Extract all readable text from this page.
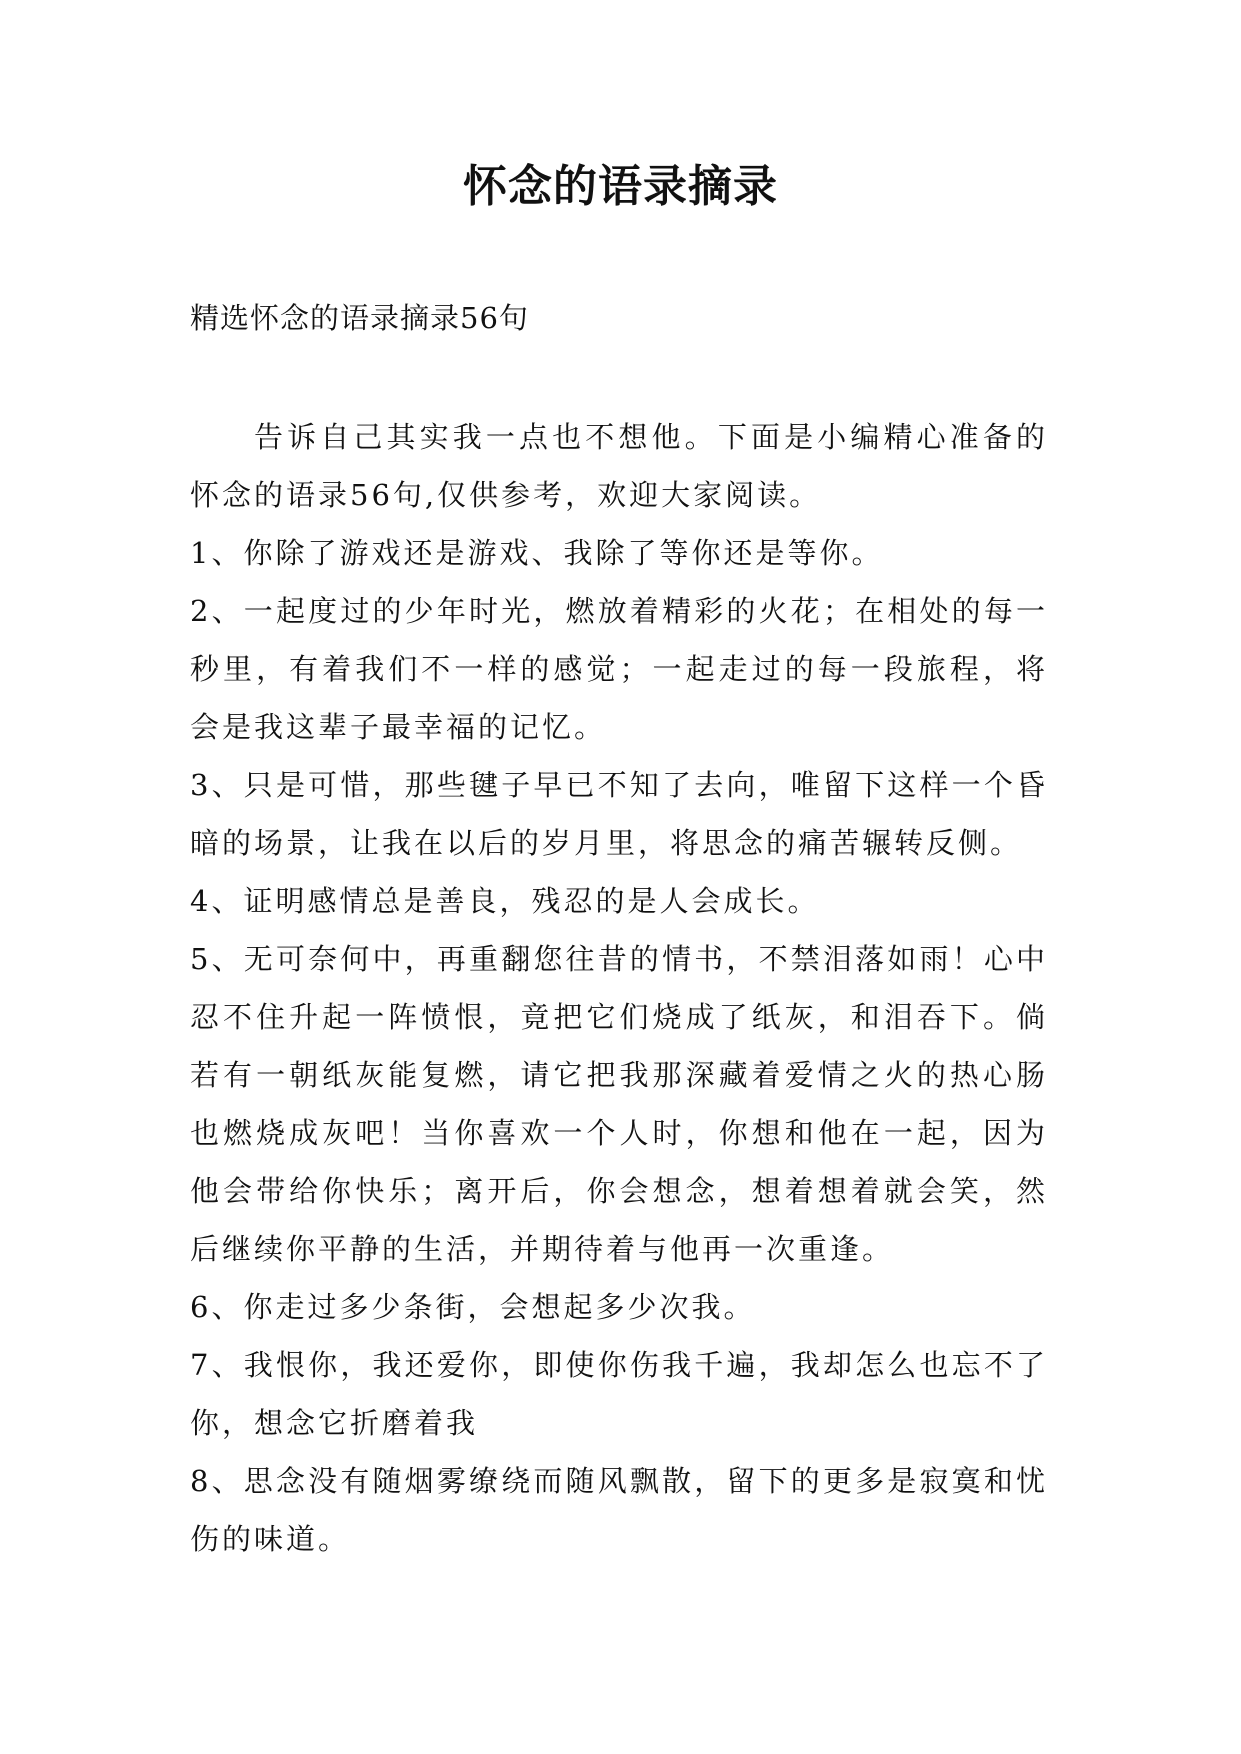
怀念的语录摘录

精选怀念的语录摘录56句

告诉自己其实我一点也不想他。下面是小编精心准备的怀念的语录56句,仅供参考，欢迎大家阅读。

1、你除了游戏还是游戏、我除了等你还是等你。

2、一起度过的少年时光，燃放着精彩的火花；在相处的每一秒里，有着我们不一样的感觉；一起走过的每一段旅程，将会是我这辈子最幸福的记忆。

3、只是可惜，那些毽子早已不知了去向，唯留下这样一个昏暗的场景，让我在以后的岁月里，将思念的痛苦辗转反侧。

4、证明感情总是善良，残忍的是人会成长。

5、无可奈何中，再重翻您往昔的情书，不禁泪落如雨！心中忍不住升起一阵愤恨，竟把它们烧成了纸灰，和泪吞下。倘若有一朝纸灰能复燃，请它把我那深藏着爱情之火的热心肠也燃烧成灰吧！当你喜欢一个人时，你想和他在一起，因为他会带给你快乐；离开后，你会想念，想着想着就会笑，然后继续你平静的生活，并期待着与他再一次重逢。

6、你走过多少条街，会想起多少次我。

7、我恨你，我还爱你，即使你伤我千遍，我却怎么也忘不了你，想念它折磨着我

8、思念没有随烟雾缭绕而随风飘散，留下的更多是寂寞和忧伤的味道。
